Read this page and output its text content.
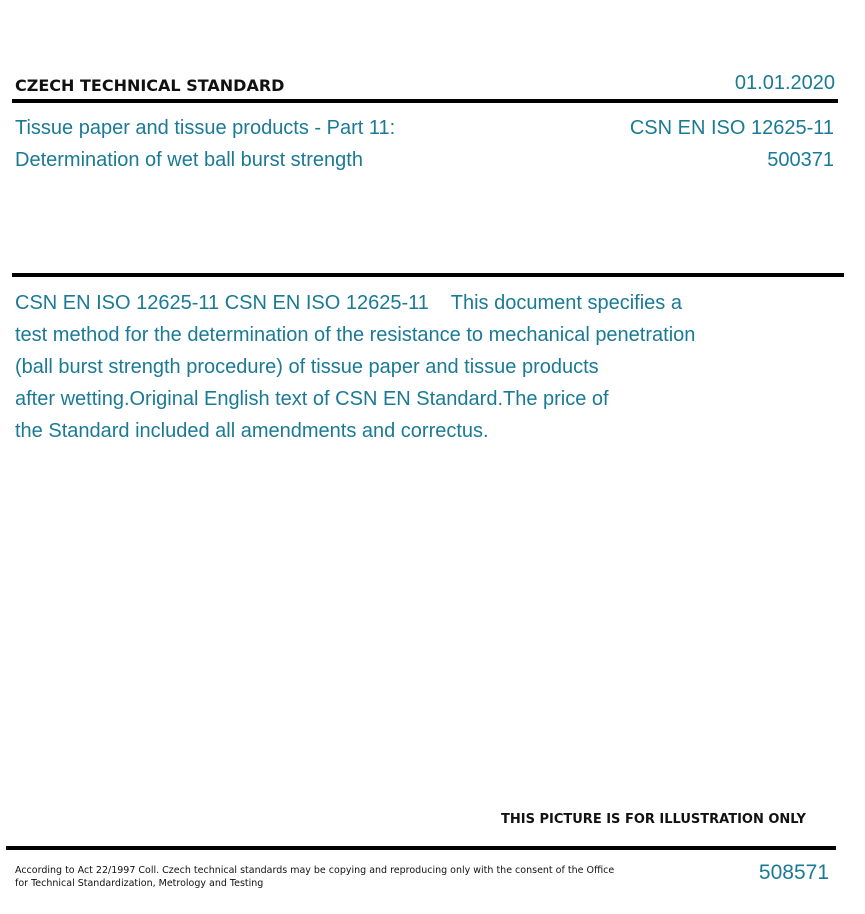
CZECH TECHNICAL STANDARD	01.01.2020
Tissue paper and tissue products - Part 11:
Determination of wet ball burst strength
CSN EN ISO 12625-11
500371
CSN EN ISO 12625-11 CSN EN ISO 12625-11    This document specifies a
test method for the determination of the resistance to mechanical penetration
(ball burst strength procedure) of tissue paper and tissue products
after wetting.Original English text of CSN EN Standard.The price of
the Standard included all amendments and correctus.
THIS PICTURE IS FOR ILLUSTRATION ONLY
According to Act 22/1997 Coll. Czech technical standards may be copying and reproducing only with the consent of the Office
for Technical Standardization, Metrology and Testing	508571
